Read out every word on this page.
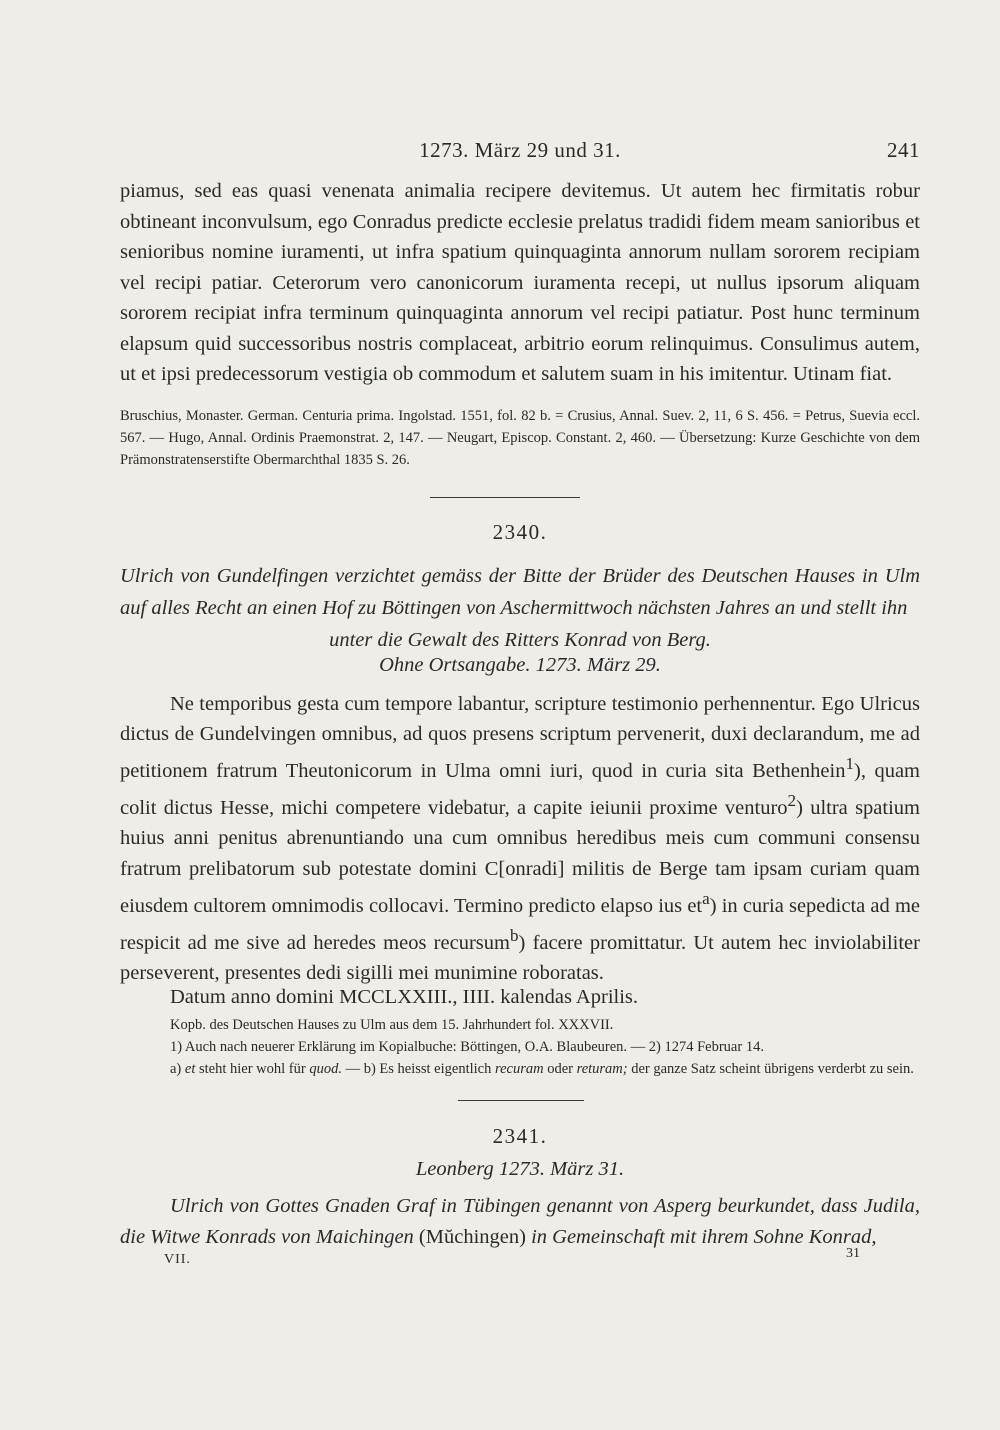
1273. März 29 und 31.	241

piamus, sed eas quasi venenata animalia recipere devitemus. Ut autem hec firmitatis robur obtineant inconvulsum, ego Conradus predicte ecclesie prelatus tradidi fidem meam sanioribus et senioribus nomine iuramenti, ut infra spatium quinquaginta annorum nullam sororem recipiam vel recipi patiar. Ceterorum vero canonicorum iuramenta recepi, ut nullus ipsorum aliquam sororem recipiat infra terminum quinquaginta annorum vel recipi patiatur. Post hunc terminum elapsum quid successoribus nostris complaceat, arbitrio eorum relinquimus. Consulimus autem, ut et ipsi predecessorum vestigia ob commodum et salutem suam in his imitentur. Utinam fiat.

Bruschius, Monaster. German. Centuria prima. Ingolstad. 1551, fol. 82 b. = Crusius, Annal. Suev. 2, 11, 6 S. 456. = Petrus, Suevia eccl. 567. — Hugo, Annal. Ordinis Praemonstrat. 2, 147. — Neugart, Episcop. Constant. 2, 460. — Übersetzung: Kurze Geschichte von dem Prämonstratenserstifte Obermarchthal 1835 S. 26.

2340.

Ulrich von Gundelfingen verzichtet gemäss der Bitte der Brüder des Deutschen Hauses in Ulm auf alles Recht an einen Hof zu Böttingen von Aschermittwoch nächsten Jahres an und stellt ihn

unter die Gewalt des Ritters Konrad von Berg.
Ohne Ortsangabe. 1273. März 29.

Ne temporibus gesta cum tempore labantur, scripture testimonio perhennentur. Ego Ulricus dictus de Gundelvingen omnibus, ad quos presens scriptum pervenerit, duxi declarandum, me ad petitionem fratrum Theutonicorum in Ulma omni iuri, quod in curia sita Bethenhein$^1$), quam colit dictus Hesse, michi competere videbatur, a capite ieiunii proxime venturo$^2$) ultra spatium huius anni penitus abrenuntiando una cum omnibus heredibus meis cum communi consensu fratrum prelibatorum sub potestate domini C[onradi] militis de Berge tam ipsam curiam quam eiusdem cultorem omnimodis collocavi. Termino predicto elapso ius $et^a$) in curia sepedicta ad me respicit ad me sive ad heredes meos recursum$^b$) facere promittatur. Ut autem hec inviolabiliter perseverent, presentes dedi sigilli mei munimine roboratas.

Datum anno domini MCCLXXIII., IIII. kalendas Aprilis.

Kopb. des Deutschen Hauses zu Ulm aus dem 15. Jahrhundert fol. XXXVII.

1) Auch nach neuerer Erklärung im Kopialbuche: Böttingen, O.A. Blaubeuren. — 2) 1274 Februar 14.

a) et steht hier wohl für quod. — b) Es heisst eigentlich recuram oder returam; der ganze Satz scheint übrigens verderbt zu sein.

2341.
Leonberg 1273. März 31.

Ulrich von Gottes Gnaden Graf in Tübingen genannt von Asperg beurkundet, dass Judila, die Witwe Konrads von Maichingen (Mŭchingen) in Gemeinschaft mit ihrem Sohne Konrad,

VII.	31
